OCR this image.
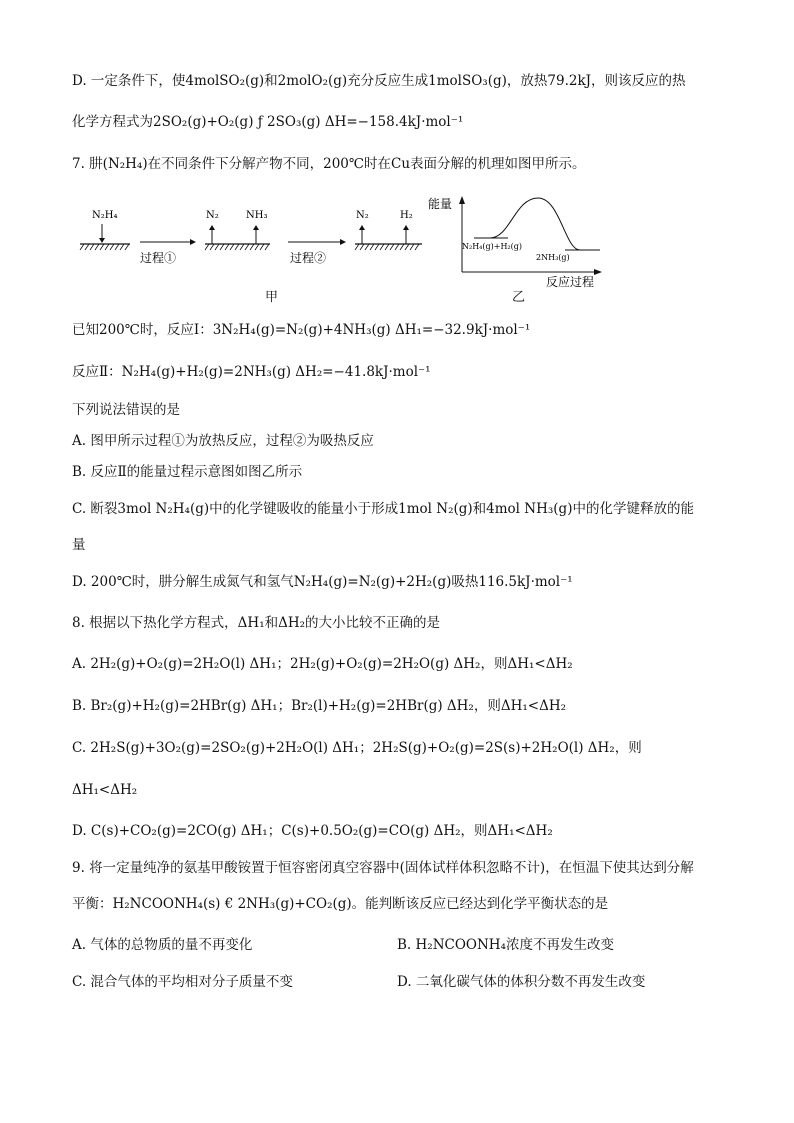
D. 一定条件下，使4molSO₂(g)和2molO₂(g)充分反应生成1molSO₃(g)，放热79.2kJ，则该反应的热
化学方程式为2SO₂(g)+O₂(g) ƒ 2SO₃(g) ΔH=−158.4kJ·mol⁻¹
7. 肼(N₂H₄)在不同条件下分解产物不同，200℃时在Cu表面分解的机理如图甲所示。
N₂H₄
过程①
N₂	NH₃
过程②
N₂	H₂
能量
反应过程
N₂H₄(g)+H₂(g)
2NH₃(g)
甲	乙
已知200℃时，反应Ⅰ：3N₂H₄(g)=N₂(g)+4NH₃(g) ΔH₁=−32.9kJ·mol⁻¹
反应Ⅱ：N₂H₄(g)+H₂(g)=2NH₃(g) ΔH₂=−41.8kJ·mol⁻¹
下列说法错误的是
A. 图甲所示过程①为放热反应，过程②为吸热反应
B. 反应Ⅱ的能量过程示意图如图乙所示
C. 断裂3mol N₂H₄(g)中的化学键吸收的能量小于形成1mol N₂(g)和4mol NH₃(g)中的化学键释放的能
量
D. 200℃时，肼分解生成氮气和氢气N₂H₄(g)=N₂(g)+2H₂(g)吸热116.5kJ·mol⁻¹
8. 根据以下热化学方程式，ΔH₁和ΔH₂的大小比较不正确的是
A. 2H₂(g)+O₂(g)=2H₂O(l) ΔH₁；2H₂(g)+O₂(g)=2H₂O(g) ΔH₂，则ΔH₁<ΔH₂
B. Br₂(g)+H₂(g)=2HBr(g) ΔH₁；Br₂(l)+H₂(g)=2HBr(g) ΔH₂，则ΔH₁<ΔH₂
C. 2H₂S(g)+3O₂(g)=2SO₂(g)+2H₂O(l) ΔH₁；2H₂S(g)+O₂(g)=2S(s)+2H₂O(l) ΔH₂，则
ΔH₁<ΔH₂
D. C(s)+CO₂(g)=2CO(g) ΔH₁；C(s)+0.5O₂(g)=CO(g) ΔH₂，则ΔH₁<ΔH₂
9. 将一定量纯净的氨基甲酸铵置于恒容密闭真空容器中(固体试样体积忽略不计)，在恒温下使其达到分解
平衡：H₂NCOONH₄(s) € 2NH₃(g)+CO₂(g)。能判断该反应已经达到化学平衡状态的是
A. 气体的总物质的量不再变化	B. H₂NCOONH₄浓度不再发生改变
C. 混合气体的平均相对分子质量不变	D. 二氧化碳气体的体积分数不再发生改变
